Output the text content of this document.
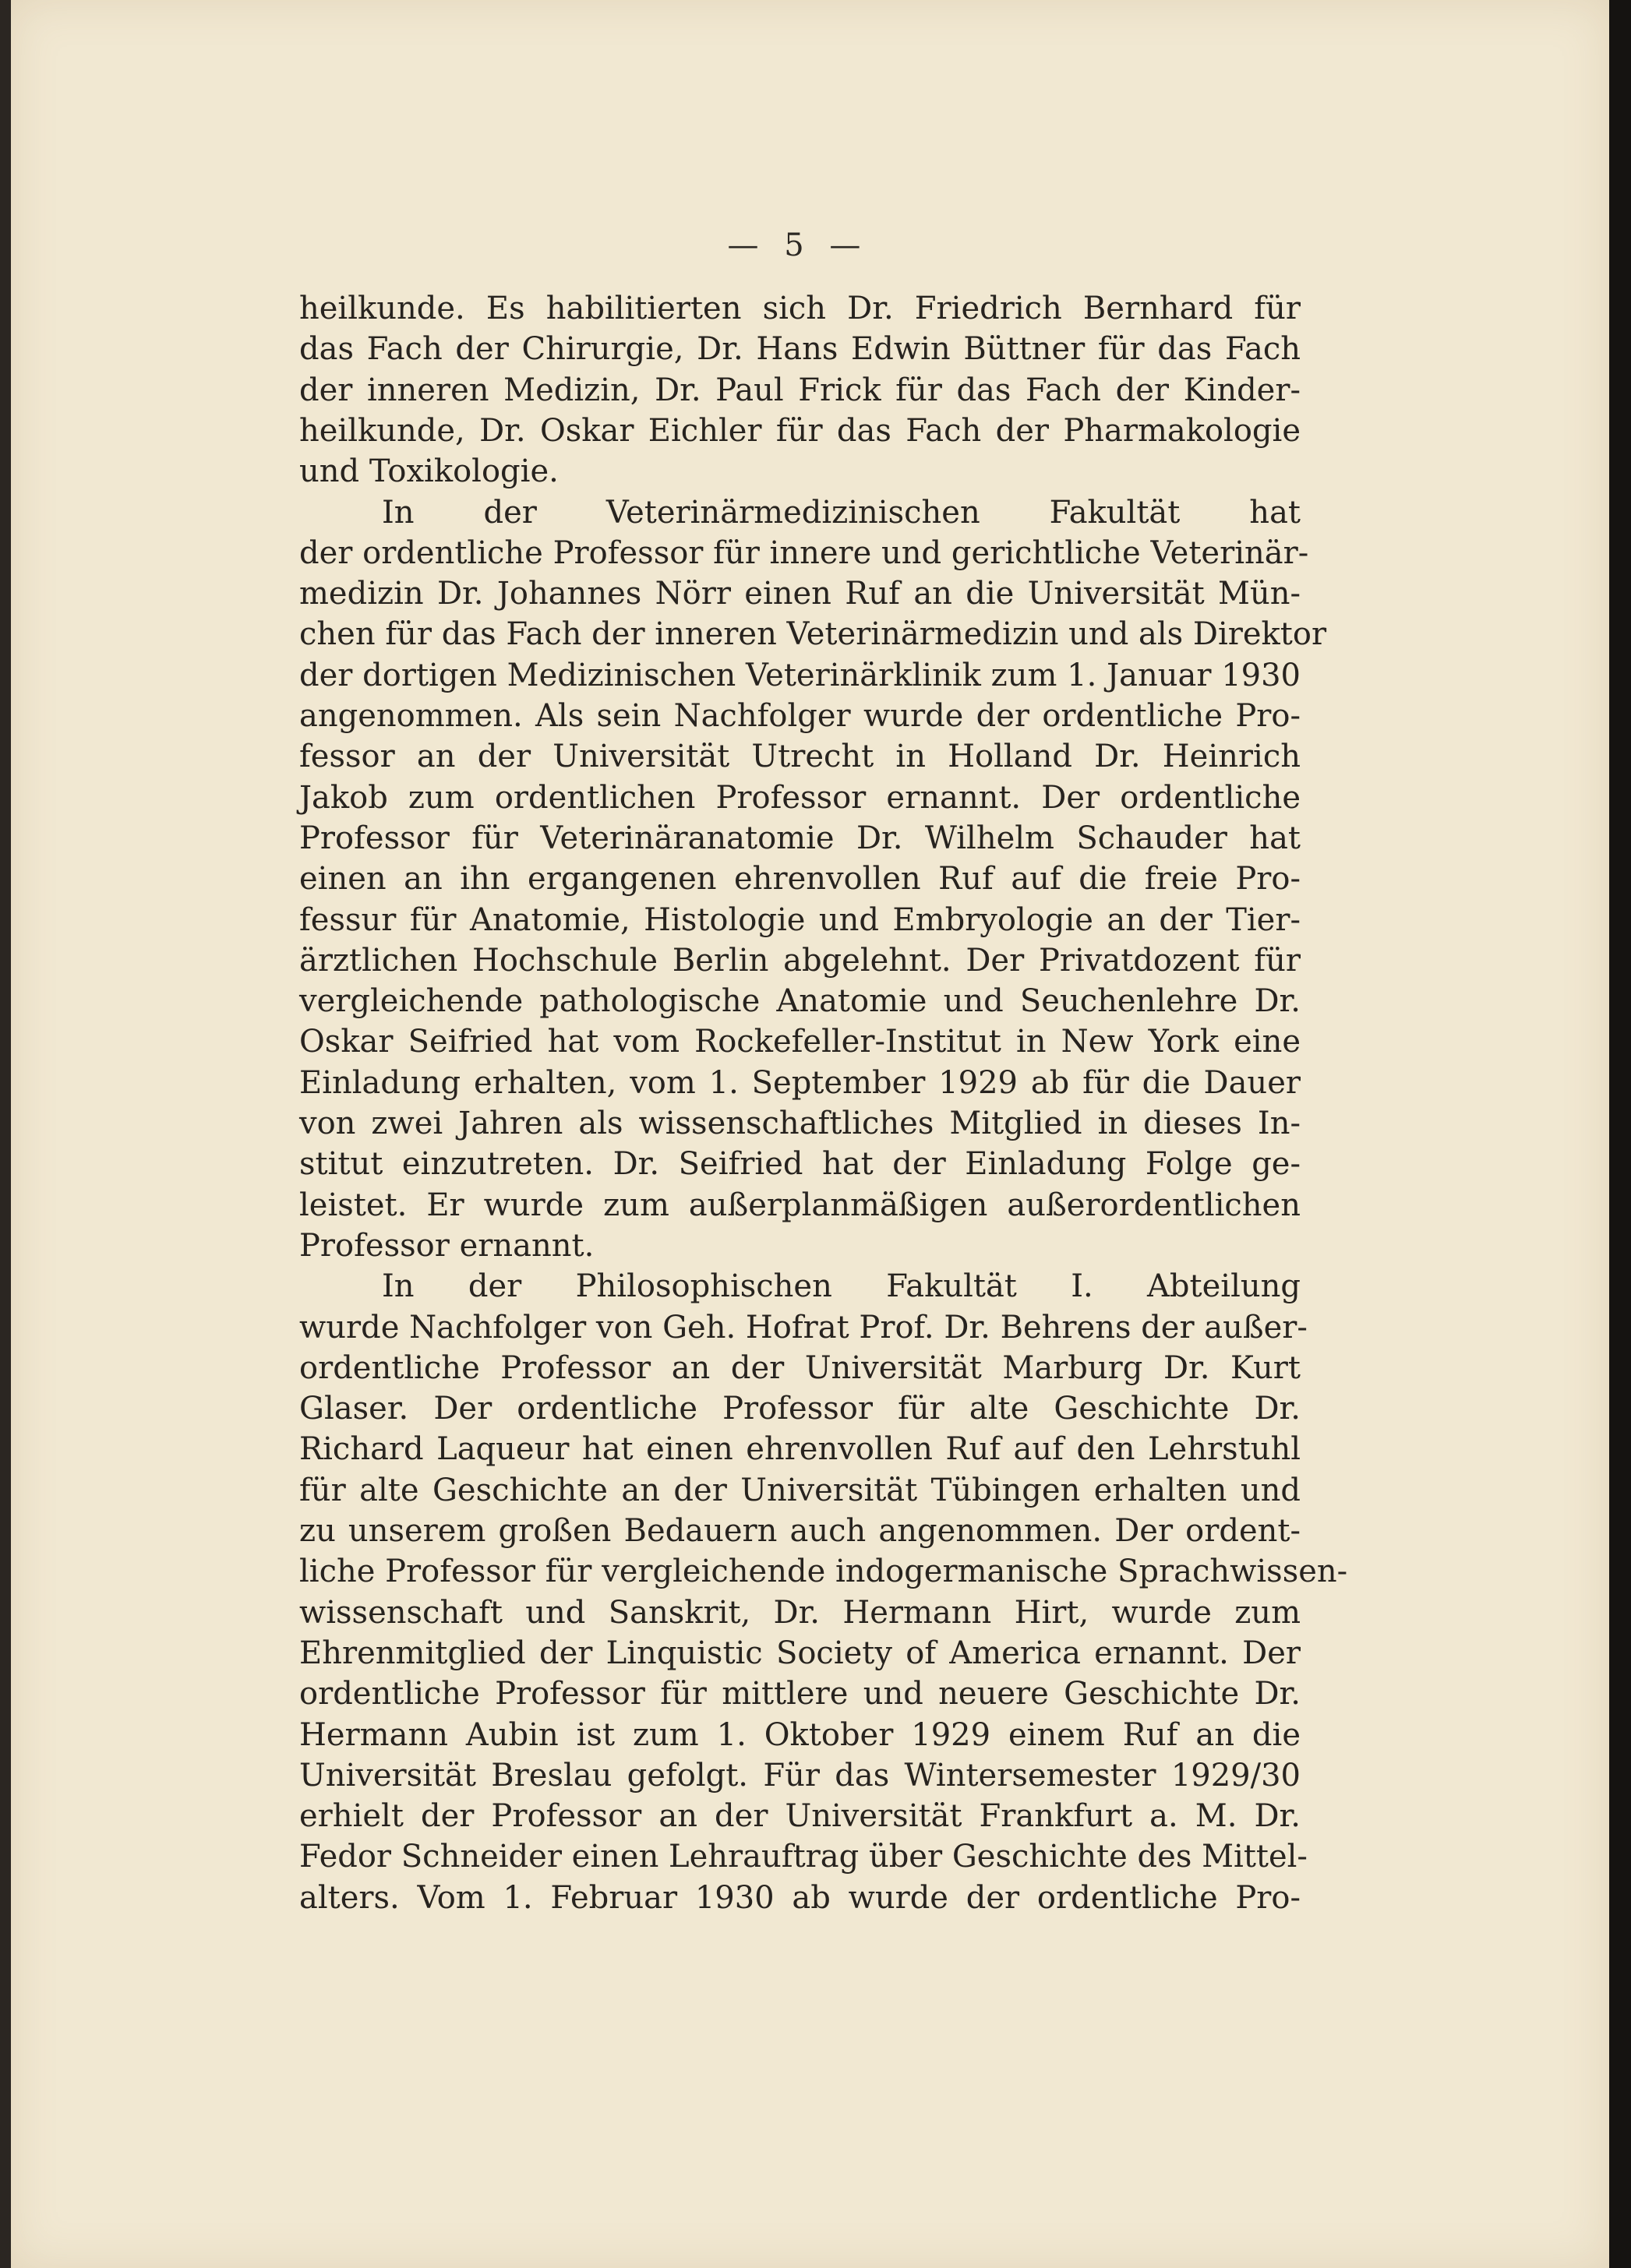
— 5 —
heilkunde. Es habilitierten sich Dr. Friedrich Bernhard für
das Fach der Chirurgie, Dr. Hans Edwin Büttner für das Fach
der inneren Medizin, Dr. Paul Frick für das Fach der Kinder-
heilkunde, Dr. Oskar Eichler für das Fach der Pharmakologie
und Toxikologie.
In der Veterinärmedizinischen Fakultät hat
der ordentliche Professor für innere und gerichtliche Veterinär-
medizin Dr. Johannes Nörr einen Ruf an die Universität Mün-
chen für das Fach der inneren Veterinärmedizin und als Direktor
der dortigen Medizinischen Veterinärklinik zum 1. Januar 1930
angenommen. Als sein Nachfolger wurde der ordentliche Pro-
fessor an der Universität Utrecht in Holland Dr. Heinrich
Jakob zum ordentlichen Professor ernannt. Der ordentliche
Professor für Veterinäranatomie Dr. Wilhelm Schauder hat
einen an ihn ergangenen ehrenvollen Ruf auf die freie Pro-
fessur für Anatomie, Histologie und Embryologie an der Tier-
ärztlichen Hochschule Berlin abgelehnt. Der Privatdozent für
vergleichende pathologische Anatomie und Seuchenlehre Dr.
Oskar Seifried hat vom Rockefeller-Institut in New York eine
Einladung erhalten, vom 1. September 1929 ab für die Dauer
von zwei Jahren als wissenschaftliches Mitglied in dieses In-
stitut einzutreten. Dr. Seifried hat der Einladung Folge ge-
leistet. Er wurde zum außerplanmäßigen außerordentlichen
Professor ernannt.
In der Philosophischen Fakultät I. Abteilung
wurde Nachfolger von Geh. Hofrat Prof. Dr. Behrens der außer-
ordentliche Professor an der Universität Marburg Dr. Kurt
Glaser. Der ordentliche Professor für alte Geschichte Dr.
Richard Laqueur hat einen ehrenvollen Ruf auf den Lehrstuhl
für alte Geschichte an der Universität Tübingen erhalten und
zu unserem großen Bedauern auch angenommen. Der ordent-
liche Professor für vergleichende indogermanische Sprachwissen-
wissenschaft und Sanskrit, Dr. Hermann Hirt, wurde zum
Ehrenmitglied der Linquistic Society of America ernannt. Der
ordentliche Professor für mittlere und neuere Geschichte Dr.
Hermann Aubin ist zum 1. Oktober 1929 einem Ruf an die
Universität Breslau gefolgt. Für das Wintersemester 1929/30
erhielt der Professor an der Universität Frankfurt a. M. Dr.
Fedor Schneider einen Lehrauftrag über Geschichte des Mittel-
alters. Vom 1. Februar 1930 ab wurde der ordentliche Pro-
